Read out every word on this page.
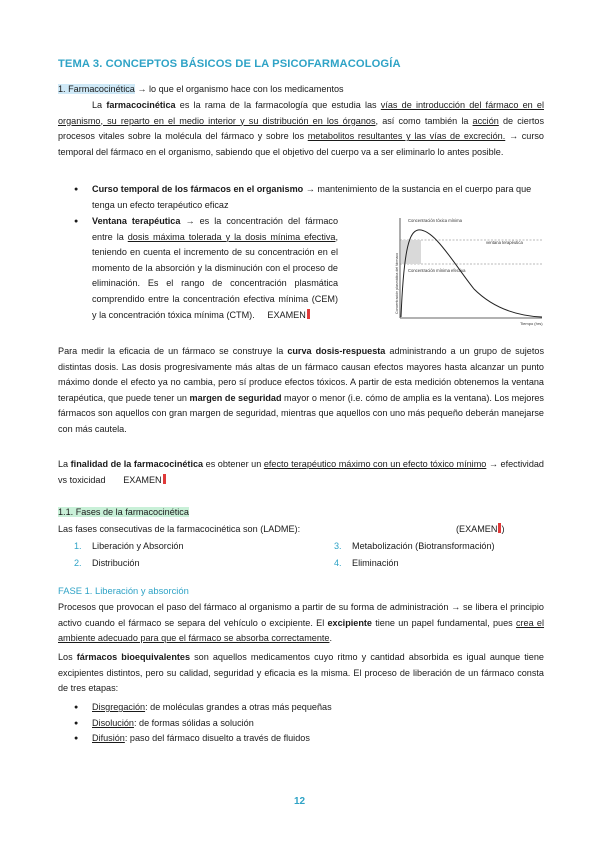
TEMA 3. CONCEPTOS BÁSICOS DE LA PSICOFARMACOLOGÍA

1. Farmacocinética → lo que el organismo hace con los medicamentos

La farmacocinética es la rama de la farmacología que estudia las vías de introducción del fármaco en el organismo, su reparto en el medio interior y su distribución en los órganos, así como también la acción de ciertos procesos vitales sobre la molécula del fármaco y sobre los metabolitos resultantes y las vías de excreción. → curso temporal del fármaco en el organismo, sabiendo que el objetivo del cuerpo va a ser eliminarlo lo antes posible.

● Curso temporal de los fármacos en el organismo → mantenimiento de la sustancia en el cuerpo para que tenga un efecto terapéutico eficaz
● Ventana terapéutica → es la concentración del fármaco entre la dosis máxima tolerada y la dosis mínima efectiva, teniendo en cuenta el incremento de su concentración en el momento de la absorción y la disminución con el proceso de eliminación. Es el rango de concentración plasmática comprendido entre la concentración efectiva mínima (CEM) y la concentración tóxica mínima (CTM). EXAMEN
Concentración tóxica mínima
ventana terapéutica
Concentración mínima efectiva
Concentración plasmática del fármaco
Tiempo (hrs)

Para medir la eficacia de un fármaco se construye la curva dosis-respuesta administrando a un grupo de sujetos distintas dosis. Las dosis progresivamente más altas de un fármaco causan efectos mayores hasta alcanzar un punto máximo donde el efecto ya no cambia, pero sí produce efectos tóxicos. A partir de esta medición obtenemos la ventana terapéutica, que puede tener un margen de seguridad mayor o menor (i.e. cómo de amplia es la ventana). Los mejores fármacos son aquellos con gran margen de seguridad, mientras que aquellos con uno más pequeño deberán manejarse con más cautela.

La finalidad de la farmacocinética es obtener un efecto terapéutico máximo con un efecto tóxico mínimo → efectividad vs toxicidad EXAMEN

1.1. Fases de la farmacocinética

Las fases consecutivas de la farmacocinética son (LADME):	(EXAMEN )

1. Liberación y Absorción
2. Distribución
3. Metabolización (Biotransformación)
4. Eliminación
FASE 1. Liberación y absorción

Procesos que provocan el paso del fármaco al organismo a partir de su forma de administración → se libera el principio activo cuando el fármaco se separa del vehículo o excipiente. El excipiente tiene un papel fundamental, pues crea el ambiente adecuado para que el fármaco se absorba correctamente.

Los fármacos bioequivalentes son aquellos medicamentos cuyo ritmo y cantidad absorbida es igual aunque tiene excipientes distintos, pero su calidad, seguridad y eficacia es la misma. El proceso de liberación de un fármaco consta de tres etapas:

● Disgregación: de moléculas grandes a otras más pequeñas
● Disolución: de formas sólidas a solución
● Difusión: paso del fármaco disuelto a través de fluidos
12
